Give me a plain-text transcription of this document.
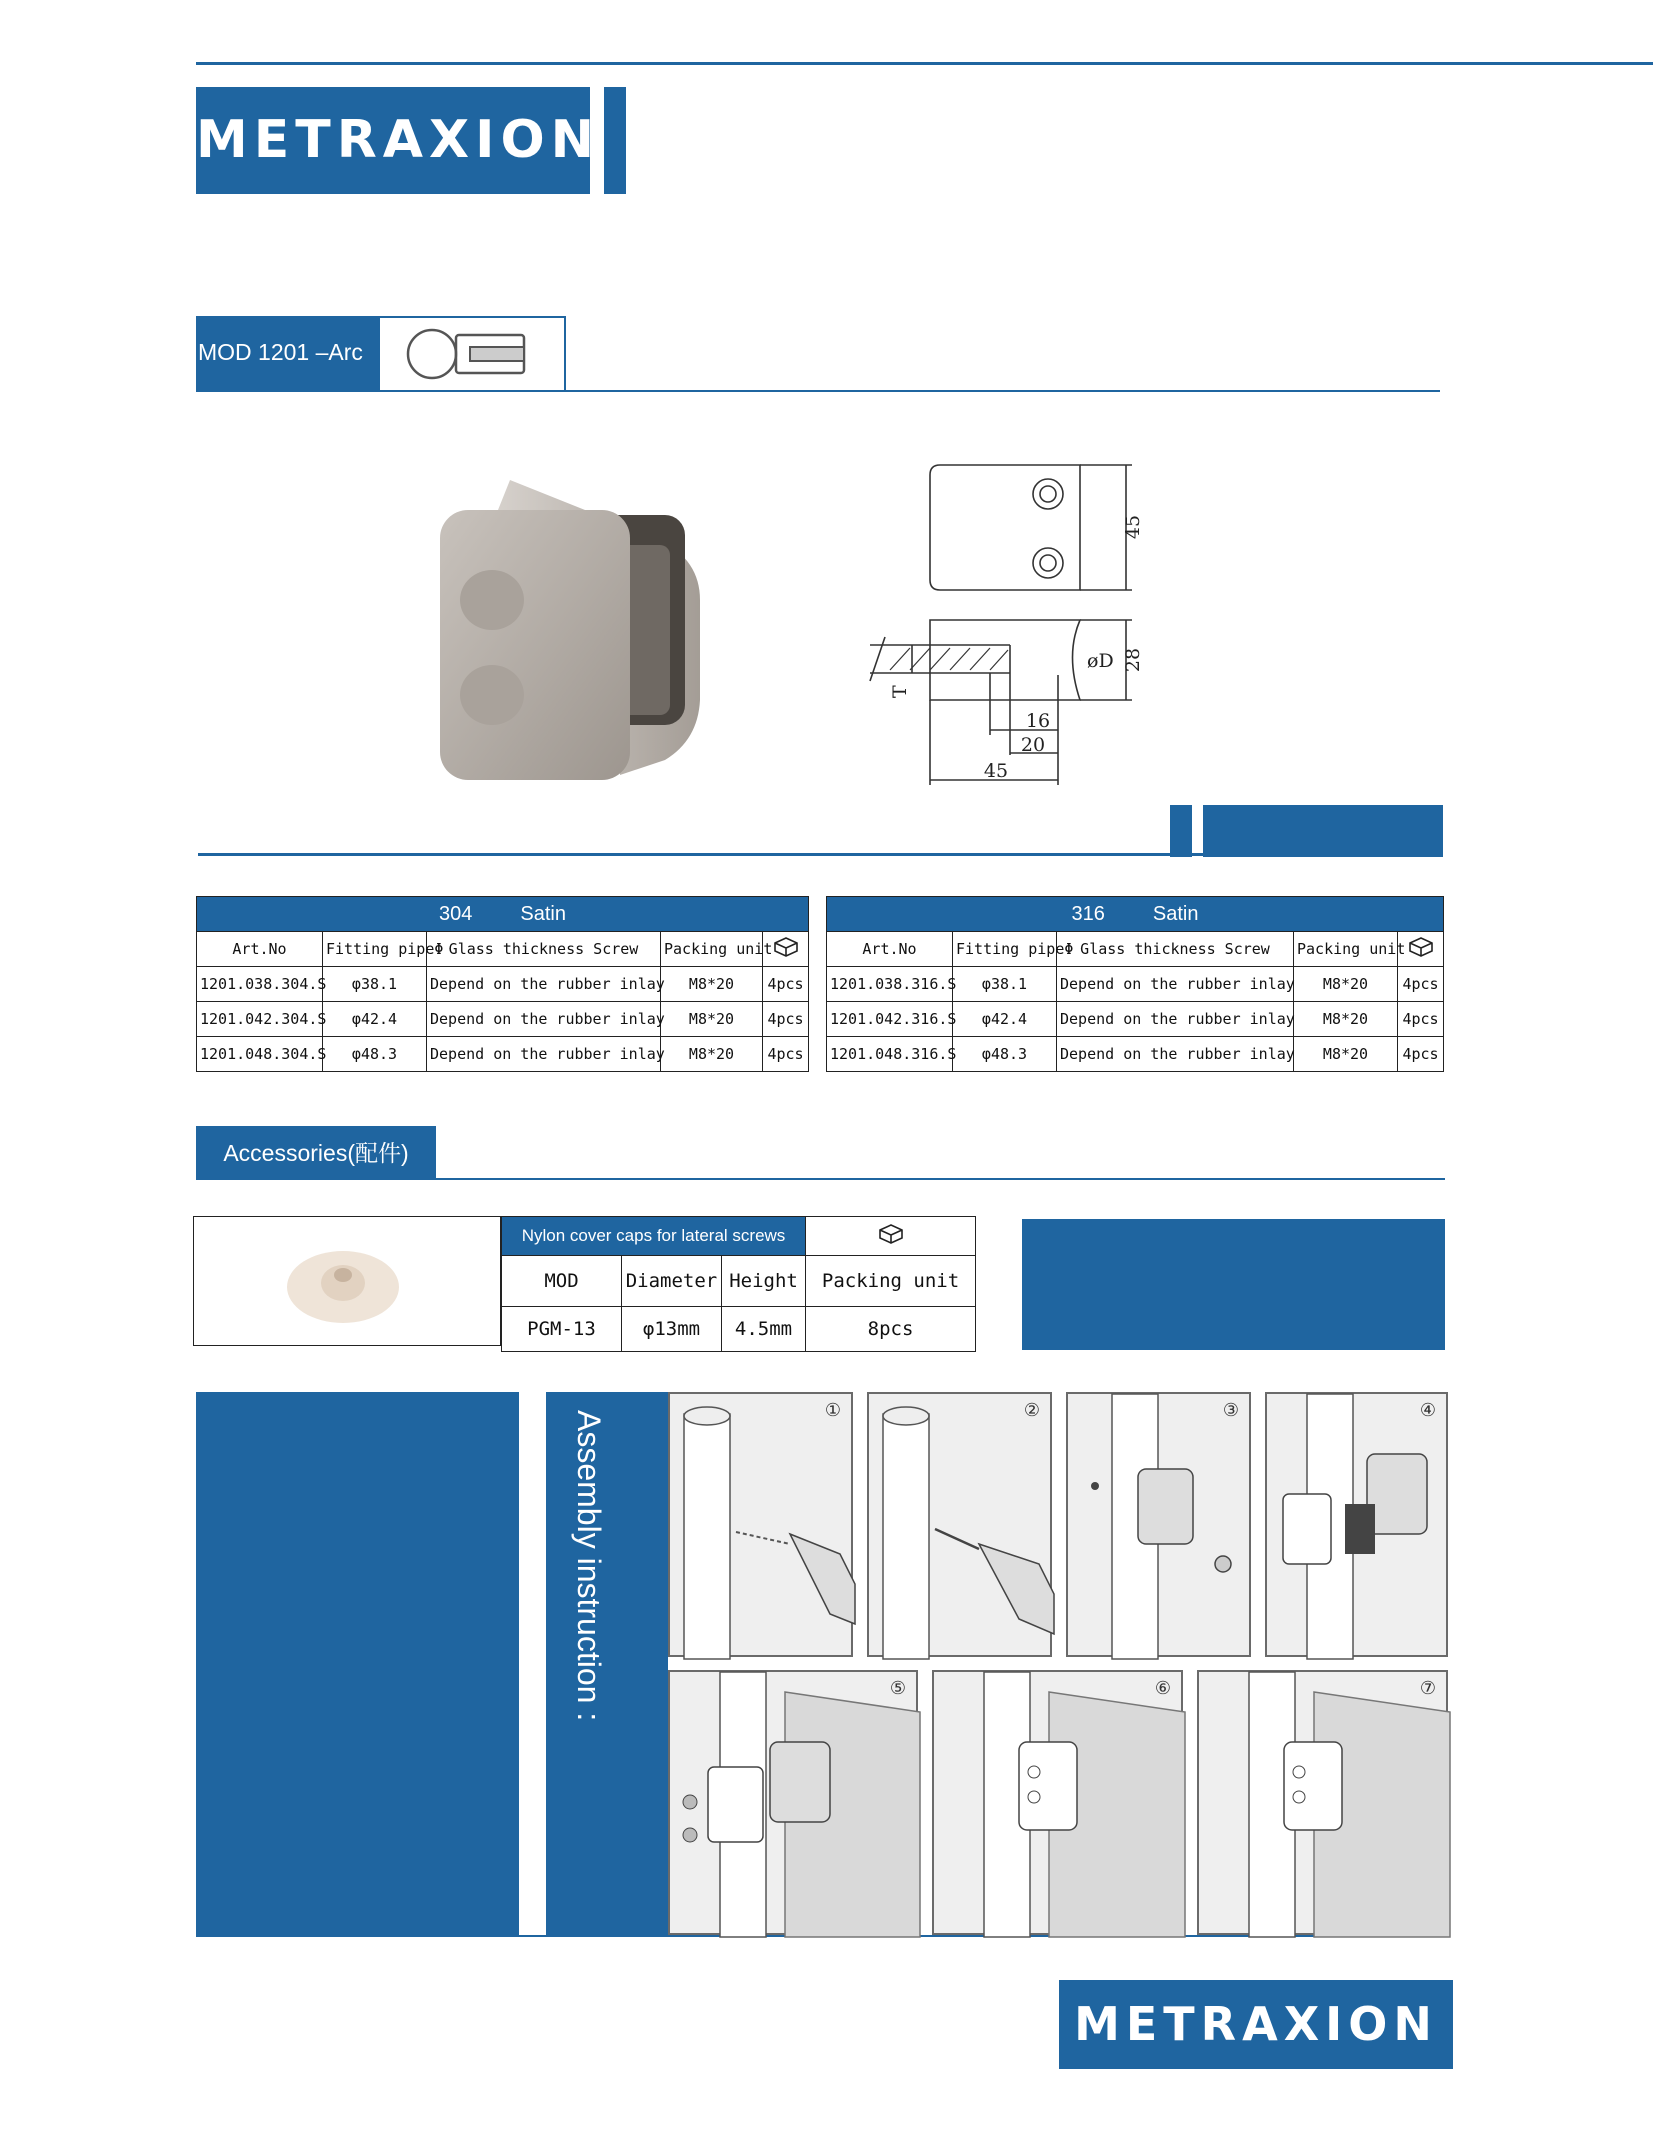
METRAXION
MOD 1201 –Arc
45
28
øD
T
16
20
45
304 Satin				
Art.No	Fitting pipeΦ	Glass thickness Screw	Packing unit	
1201.038.304.S	φ38.1	Depend on the rubber inlay	M8*20	4pcs
1201.042.304.S	φ42.4	Depend on the rubber inlay	M8*20	4pcs
1201.048.304.S	φ48.3	Depend on the rubber inlay	M8*20	4pcs
316 Satin				
Art.No	Fitting pipeΦ	Glass thickness Screw	Packing unit	
1201.038.316.S	φ38.1	Depend on the rubber inlay	M8*20	4pcs
1201.042.316.S	φ42.4	Depend on the rubber inlay	M8*20	4pcs
1201.048.316.S	φ48.3	Depend on the rubber inlay	M8*20	4pcs
Accessories(配件)
Nylon cover caps for lateral screws	
MOD	Diameter	Height	Packing unit
PGM-13	φ13mm	4.5mm	8pcs
Assembly instruction :	①	②	③	④
⑤	⑥	⑦
METRAXION
